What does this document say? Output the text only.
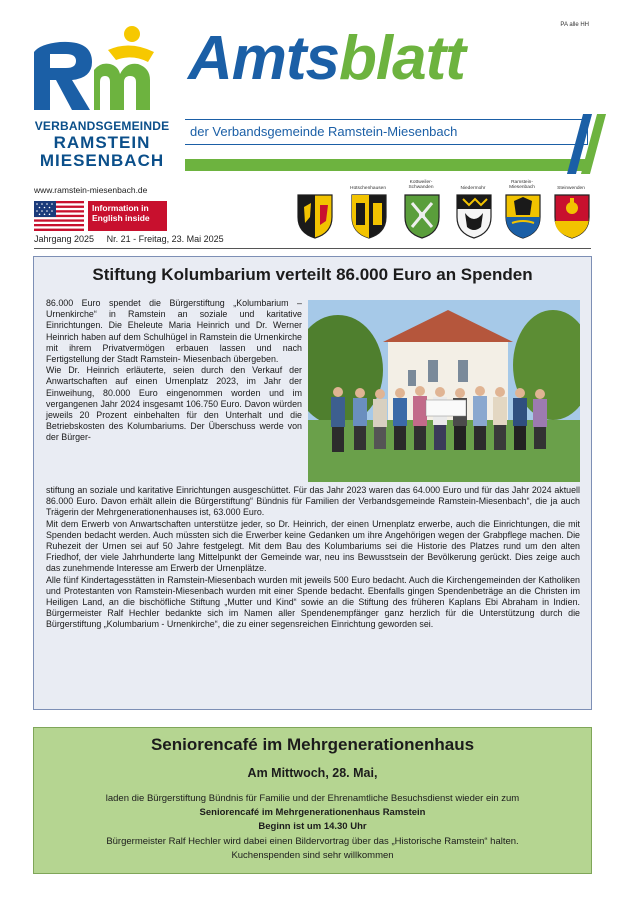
PA alle HH
VERBANDSGEMEINDE
RAMSTEIN
MIESENBACH
Amtsblatt
der Verbandsgemeinde Ramstein-Miesenbach
www.ramstein-miesenbach.de
Information in
English inside
Jahrgang 2025 Nr. 21 - Freitag, 23. Mai 2025
Hütschenhausen
Kottweiler-Schwanden	Niedermohr
Ramstein-Miesenbach	Steinwenden
Stiftung Kolumbarium verteilt 86.000 Euro an Spenden

86.000 Euro spendet die Bürgerstiftung „Kolumbarium – Urnenkirche“ in Ramstein an soziale und karitative Einrichtungen. Die Eheleute Maria Heinrich und Dr. Werner Heinrich haben auf dem Schulhügel in Ramstein die Urnenkirche mit ihrem Privatvermögen erbauen lassen und nach Fertigstellung der Stadt Ramstein- Miesenbach übergeben.

Wie Dr. Heinrich erläuterte, seien durch den Verkauf der Anwartschaften auf einen Urnenplatz 2023, im Jahr der Einweihung, 80.000 Euro eingenommen worden und im vergangenen Jahr 2024 insgesamt 106.750 Euro. Davon würden jeweils 20 Prozent einbehalten für den Unterhalt und die Betriebskosten des Kolumbariums. Der Überschuss werde von der Bürger-

stiftung an soziale und karitative Einrichtungen ausgeschüttet. Für das Jahr 2023 waren das 64.000 Euro und für das Jahr 2024 aktuell 86.000 Euro. Davon erhält allein die Bürgerstiftung“ Bündnis für Familien der Verbandsgemeinde Ramstein-Miesenbach“, die ja auch Trägerin der Mehrgenerationenhauses ist, 63.000 Euro.

Mit dem Erwerb von Anwartschaften unterstütze jeder, so Dr. Heinrich, der einen Urnenplatz erwerbe, auch die Einrichtungen, die mit Spenden bedacht werden. Auch müssten sich die Erwerber keine Gedanken um ihre Angehörigen wegen der Grabpflege machen. Die Ruhezeit der Urnen sei auf 50 Jahre festgelegt. Mit dem Bau des Kolumbariums sei die Historie des Platzes rund um den alten Friedhof, der viele Jahrhunderte lang Mittelpunkt der Gemeinde war, neu ins Bewusstsein der Bevölkerung gerückt. Dies zeige auch das zunehmende Interesse am Erwerb der Urnenplätze.

Alle fünf Kindertagesstätten in Ramstein-Miesenbach wurden mit jeweils 500 Euro bedacht. Auch die Kirchengemeinden der Katholiken und Protestanten von Ramstein-Miesenbach wurden mit einer Spende bedacht. Ebenfalls gingen Spendenbeträge an die Christen im Heiligen Land, an die bischöfliche Stiftung „Mutter und Kind“ sowie an die Stiftung des früheren Kaplans Ebi Abraham in Indien. Bürgermeister Ralf Hechler bedankte sich im Namen aller Spendenempfänger ganz herzlich für die Unterstützung durch die Bürgerstiftung „Kolumbarium - Urnenkirche“, die zu einer segensreichen Einrichtung geworden sei.

Seniorencafé im Mehrgenerationenhaus
Am Mittwoch, 28. Mai,
laden die Bürgerstiftung Bündnis für Familie und der Ehrenamtliche Besuchsdienst wieder ein zum
Seniorencafé im Mehrgenerationenhaus Ramstein
Beginn ist um 14.30 Uhr
Bürgermeister Ralf Hechler wird dabei einen Bildervortrag über das „Historische Ramstein“ halten.
Kuchenspenden sind sehr willkommen
